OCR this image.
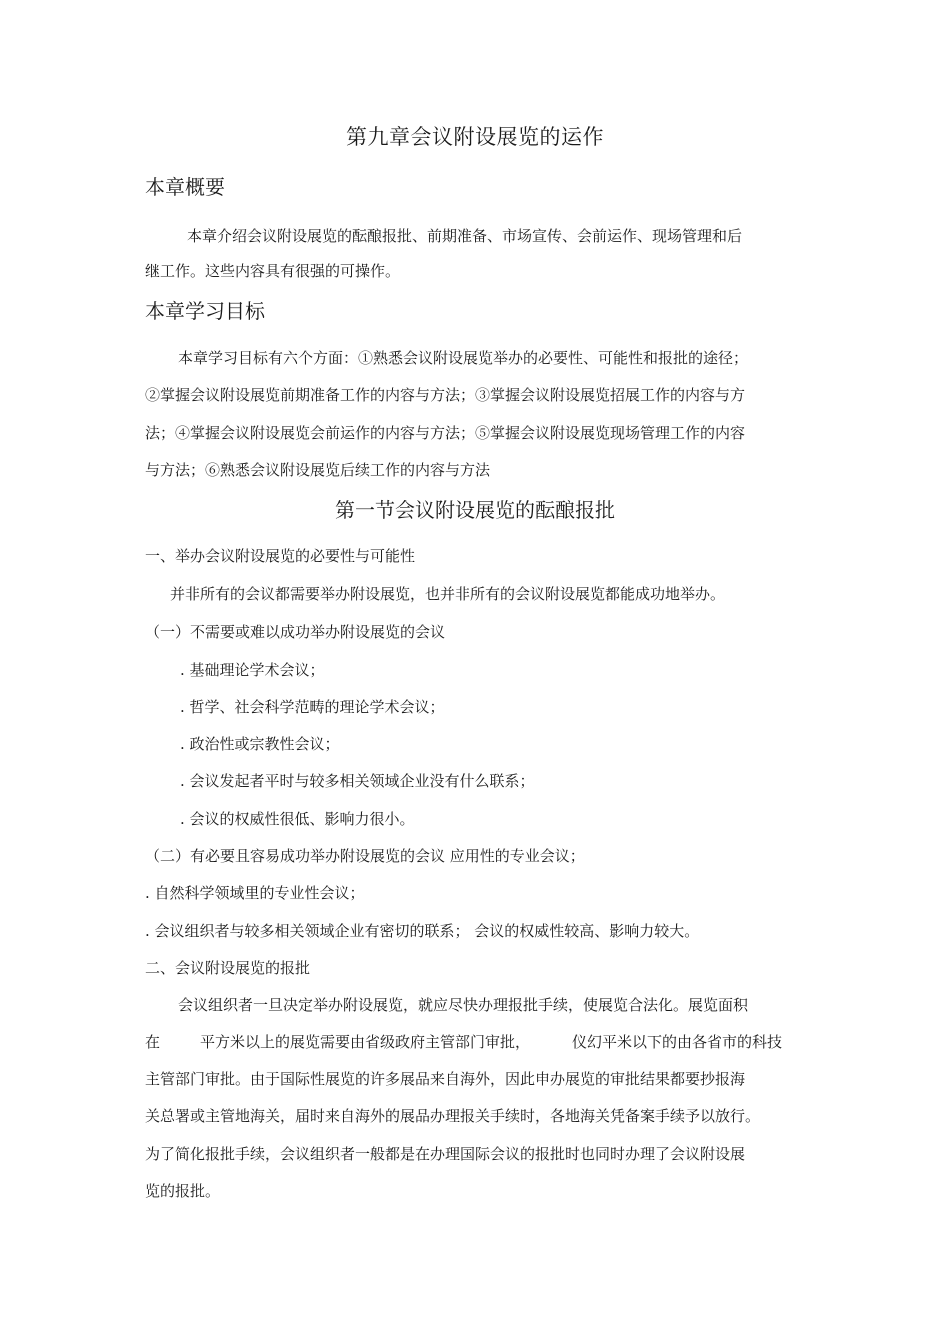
第九章会议附设展览的运作
本章概要
本章介绍会议附设展览的酝酿报批、前期准备、市场宣传、会前运作、现场管理和后
继工作。这些内容具有很强的可操作。
本章学习目标
本章学习目标有六个方面：①熟悉会议附设展览举办的必要性、可能性和报批的途径；
②掌握会议附设展览前期准备工作的内容与方法；③掌握会议附设展览招展工作的内容与方
法；④掌握会议附设展览会前运作的内容与方法；⑤掌握会议附设展览现场管理工作的内容
与方法；⑥熟悉会议附设展览后续工作的内容与方法
第一节会议附设展览的酝酿报批
一、举办会议附设展览的必要性与可能性
并非所有的会议都需要举办附设展览，也并非所有的会议附设展览都能成功地举办。
（一）不需要或难以成功举办附设展览的会议
. 基础理论学术会议；
. 哲学、社会科学范畴的理论学术会议；
. 政治性或宗教性会议；
. 会议发起者平时与较多相关领域企业没有什么联系；
. 会议的权威性很低、影响力很小。
（二）有必要且容易成功举办附设展览的会议 应用性的专业会议；
. 自然科学领域里的专业性会议；
. 会议组织者与较多相关领域企业有密切的联系； 会议的权威性较高、影响力较大。
二、会议附设展览的报批
会议组织者一旦决定举办附设展览，就应尽快办理报批手续，使展览合法化。展览面积
在	平方米以上的展览需要由省级政府主管部门审批，	仪幻平米以下的由各省市的科技
主管部门审批。由于国际性展览的许多展品来自海外，因此申办展览的审批结果都要抄报海
关总署或主管地海关，届时来自海外的展品办理报关手续时，各地海关凭备案手续予以放行。
为了简化报批手续，会议组织者一般都是在办理国际会议的报批时也同时办理了会议附设展
览的报批。
